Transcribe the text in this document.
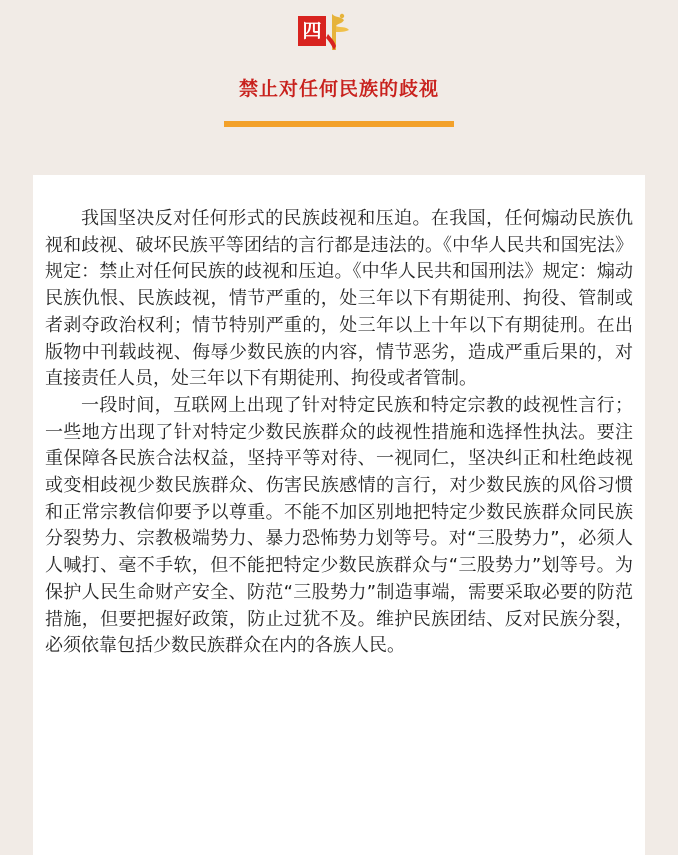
四
禁止对任何民族的歧视

我国坚决反对任何形式的民族歧视和压迫。在我国，任何煽动民族仇视和歧视、破坏民族平等团结的言行都是违法的。《中华人民共和国宪法》规定：禁止对任何民族的歧视和压迫。《中华人民共和国刑法》规定：煽动民族仇恨、民族歧视，情节严重的，处三年以下有期徒刑、拘役、管制或者剥夺政治权利；情节特别严重的，处三年以上十年以下有期徒刑。在出版物中刊载歧视、侮辱少数民族的内容，情节恶劣，造成严重后果的，对直接责任人员，处三年以下有期徒刑、拘役或者管制。

一段时间，互联网上出现了针对特定民族和特定宗教的歧视性言行；一些地方出现了针对特定少数民族群众的歧视性措施和选择性执法。要注重保障各民族合法权益，坚持平等对待、一视同仁，坚决纠正和杜绝歧视或变相歧视少数民族群众、伤害民族感情的言行，对少数民族的风俗习惯和正常宗教信仰要予以尊重。不能不加区别地把特定少数民族群众同民族分裂势力、宗教极端势力、暴力恐怖势力划等号。对“三股势力”，必须人人喊打、毫不手软，但不能把特定少数民族群众与“三股势力”划等号。为保护人民生命财产安全、防范“三股势力”制造事端，需要采取必要的防范措施，但要把握好政策，防止过犹不及。维护民族团结、反对民族分裂，必须依靠包括少数民族群众在内的各族人民。
